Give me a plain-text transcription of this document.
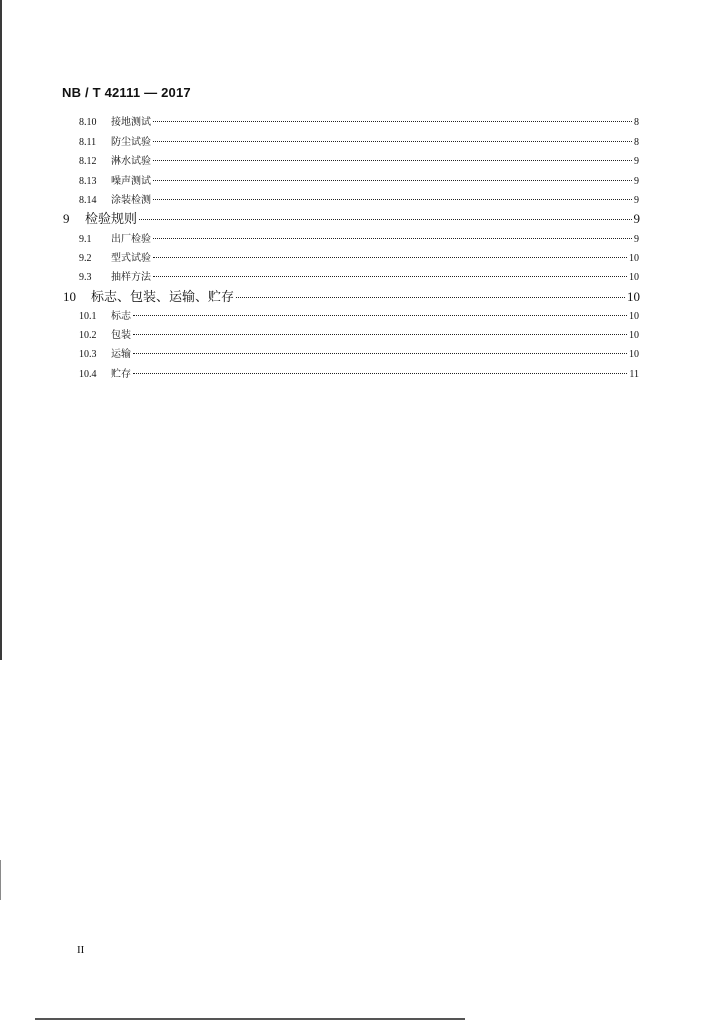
NB / T 42111 — 2017
8.10	接地测试	8
8.11	防尘试验	8
8.12	淋水试验	9
8.13	噪声测试	9
8.14	涂装检测	9
9	检验规则	9
9.1	出厂检验	9
9.2	型式试验	10
9.3	抽样方法	10
10	标志、包装、运输、贮存	10
10.1	标志	10
10.2	包装	10
10.3	运输	10
10.4	贮存	11
II
